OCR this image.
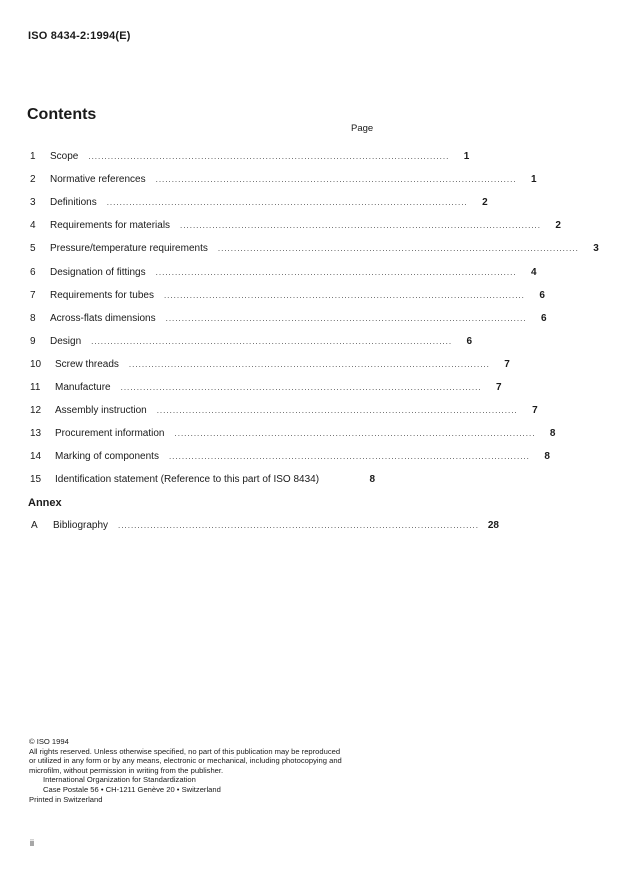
ISO 8434-2:1994(E)
Contents
Page
1	Scope	................................................................................................................	1
2	Normative references	................................................................................................................	1
3	Definitions	................................................................................................................	2
4	Requirements for materials	................................................................................................................	2
5	Pressure/temperature requirements	................................................................................................................	3
6	Designation of fittings	................................................................................................................	4
7	Requirements for tubes	................................................................................................................	6
8	Across-flats dimensions	................................................................................................................	6
9	Design	................................................................................................................	6
10	Screw threads	................................................................................................................	7
11	Manufacture	................................................................................................................	7
12	Assembly instruction	................................................................................................................	7
13	Procurement information	................................................................................................................	8
14	Marking of components	................................................................................................................	8
15	Identification statement (Reference to this part of ISO 8434)	8
Annex
A	Bibliography	................................................................................................................ 28
© ISO 1994
All rights reserved. Unless otherwise specified, no part of this publication may be reproduced
or utilized in any form or by any means, electronic or mechanical, including photocopying and
microfilm, without permission in writing from the publisher.
International Organization for Standardization
Case Postale 56 • CH-1211 Genève 20 • Switzerland
Printed in Switzerland
ii
